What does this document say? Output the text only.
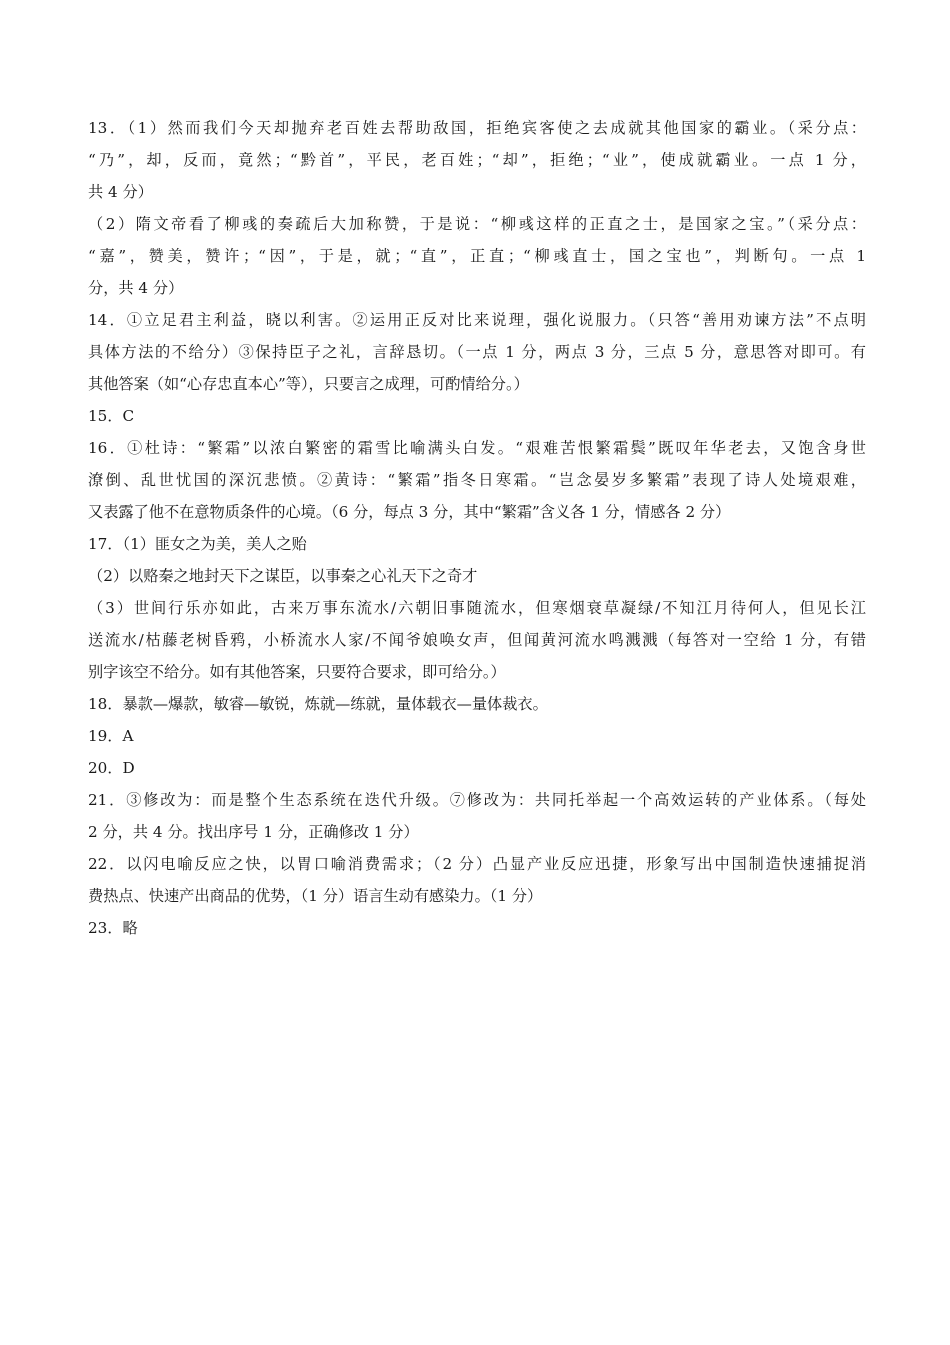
13．（1）然而我们今天却抛弃老百姓去帮助敌国，拒绝宾客使之去成就其他国家的霸业。（采分点：
“乃”，却，反而，竟然；“黔首”，平民，老百姓；“却”，拒绝；“业”，使成就霸业。一点 1 分，
共 4 分）
（2）隋文帝看了柳彧的奏疏后大加称赞，于是说：“柳彧这样的正直之士，是国家之宝。”（采分点：
“嘉”，赞美，赞许；“因”，于是，就；“直”，正直；“柳彧直士，国之宝也”，判断句。一点 1
分，共 4 分）
14．①立足君主利益，晓以利害。②运用正反对比来说理，强化说服力。（只答“善用劝谏方法”不点明
具体方法的不给分）③保持臣子之礼，言辞恳切。（一点 1 分，两点 3 分，三点 5 分，意思答对即可。有
其他答案（如“心存忠直本心”等），只要言之成理，可酌情给分。）
15．C
16．①杜诗：“繁霜”以浓白繁密的霜雪比喻满头白发。“艰难苦恨繁霜鬓”既叹年华老去，又饱含身世
潦倒、乱世忧国的深沉悲愤。②黄诗：“繁霜”指冬日寒霜。“岂念晏岁多繁霜”表现了诗人处境艰难，
又表露了他不在意物质条件的心境。（6 分，每点 3 分，其中“繁霜”含义各 1 分，情感各 2 分）
17．（1）匪女之为美，美人之贻
（2）以赂秦之地封天下之谋臣，以事秦之心礼天下之奇才
（3）世间行乐亦如此，古来万事东流水/六朝旧事随流水，但寒烟衰草凝绿/不知江月待何人，但见长江
送流水/枯藤老树昏鸦，小桥流水人家/不闻爷娘唤女声，但闻黄河流水鸣溅溅（每答对一空给 1 分，有错
别字该空不给分。如有其他答案，只要符合要求，即可给分。）
18．暴款—爆款，敏睿—敏锐，炼就—练就，量体载衣—量体裁衣。
19．A
20．D
21．③修改为：而是整个生态系统在迭代升级。⑦修改为：共同托举起一个高效运转的产业体系。（每处
2 分，共 4 分。找出序号 1 分，正确修改 1 分）
22．以闪电喻反应之快，以胃口喻消费需求；（2 分）凸显产业反应迅捷，形象写出中国制造快速捕捉消
费热点、快速产出商品的优势，（1 分）语言生动有感染力。（1 分）
23．略
